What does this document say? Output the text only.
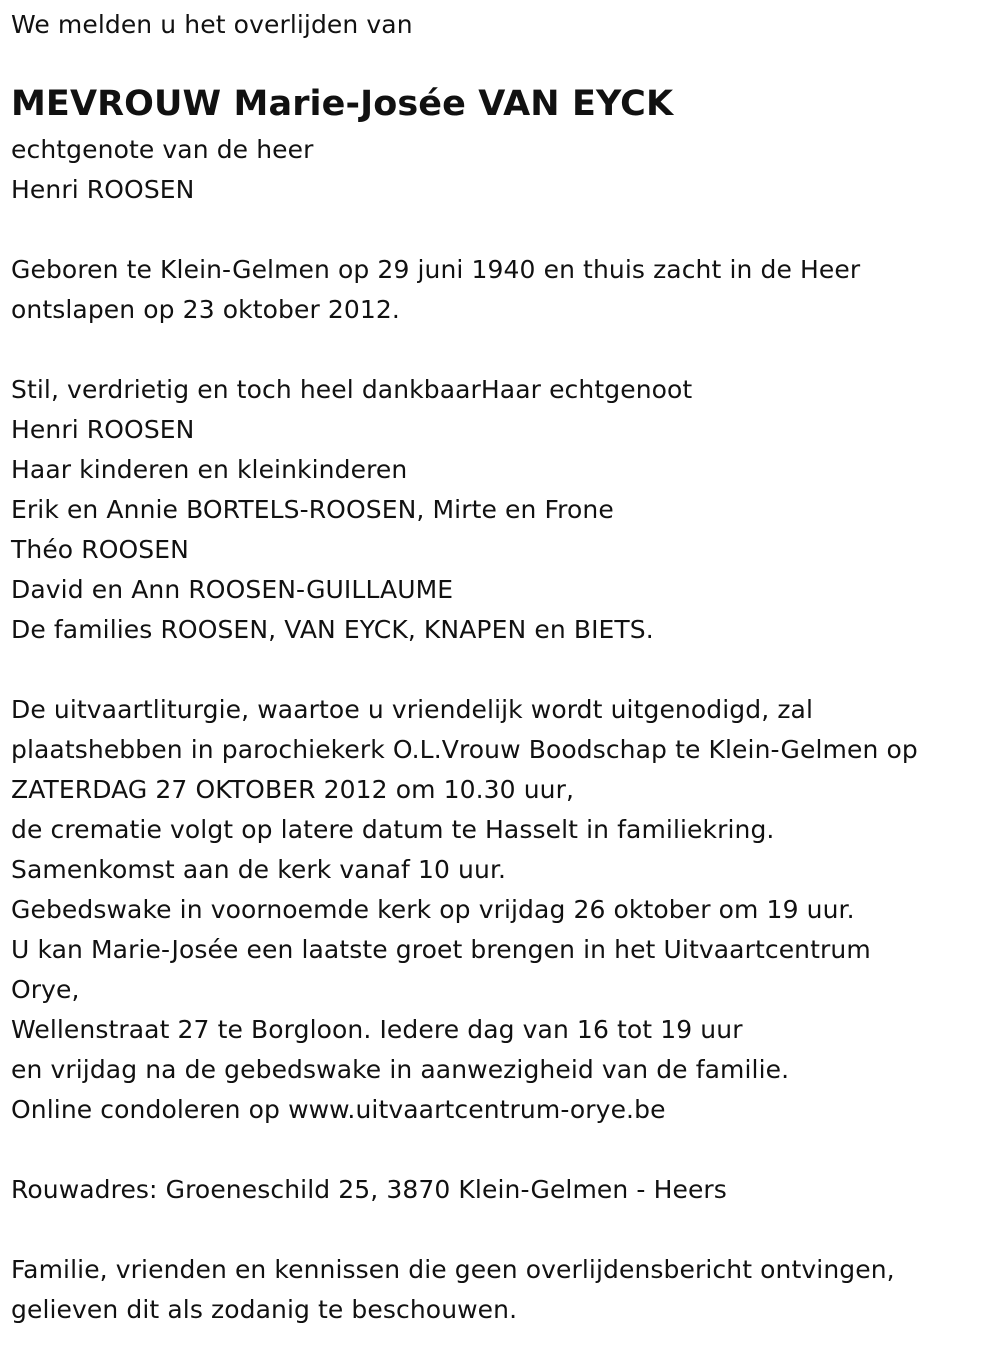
We melden u het overlijden van
MEVROUW Marie-Josée VAN EYCK
echtgenote van de heer
Henri ROOSEN
Geboren te Klein-Gelmen op 29 juni 1940 en thuis zacht in de Heer
ontslapen op 23 oktober 2012.
Stil, verdrietig en toch heel dankbaarHaar echtgenoot
Henri ROOSEN
Haar kinderen en kleinkinderen
Erik en Annie BORTELS-ROOSEN, Mirte en Frone
Théo ROOSEN
David en Ann ROOSEN-GUILLAUME
De families ROOSEN, VAN EYCK, KNAPEN en BIETS.
De uitvaartliturgie, waartoe u vriendelijk wordt uitgenodigd, zal
plaatshebben in parochiekerk O.L.Vrouw Boodschap te Klein-Gelmen op
ZATERDAG 27 OKTOBER 2012 om 10.30 uur,
de crematie volgt op latere datum te Hasselt in familiekring.
Samenkomst aan de kerk vanaf 10 uur.
Gebedswake in voornoemde kerk op vrijdag 26 oktober om 19 uur.
U kan Marie-Josée een laatste groet brengen in het Uitvaartcentrum
Orye,
Wellenstraat 27 te Borgloon. Iedere dag van 16 tot 19 uur
en vrijdag na de gebedswake in aanwezigheid van de familie.
Online condoleren op www.uitvaartcentrum-orye.be
Rouwadres: Groeneschild 25, 3870 Klein-Gelmen - Heers
Familie, vrienden en kennissen die geen overlijdensbericht ontvingen,
gelieven dit als zodanig te beschouwen.
